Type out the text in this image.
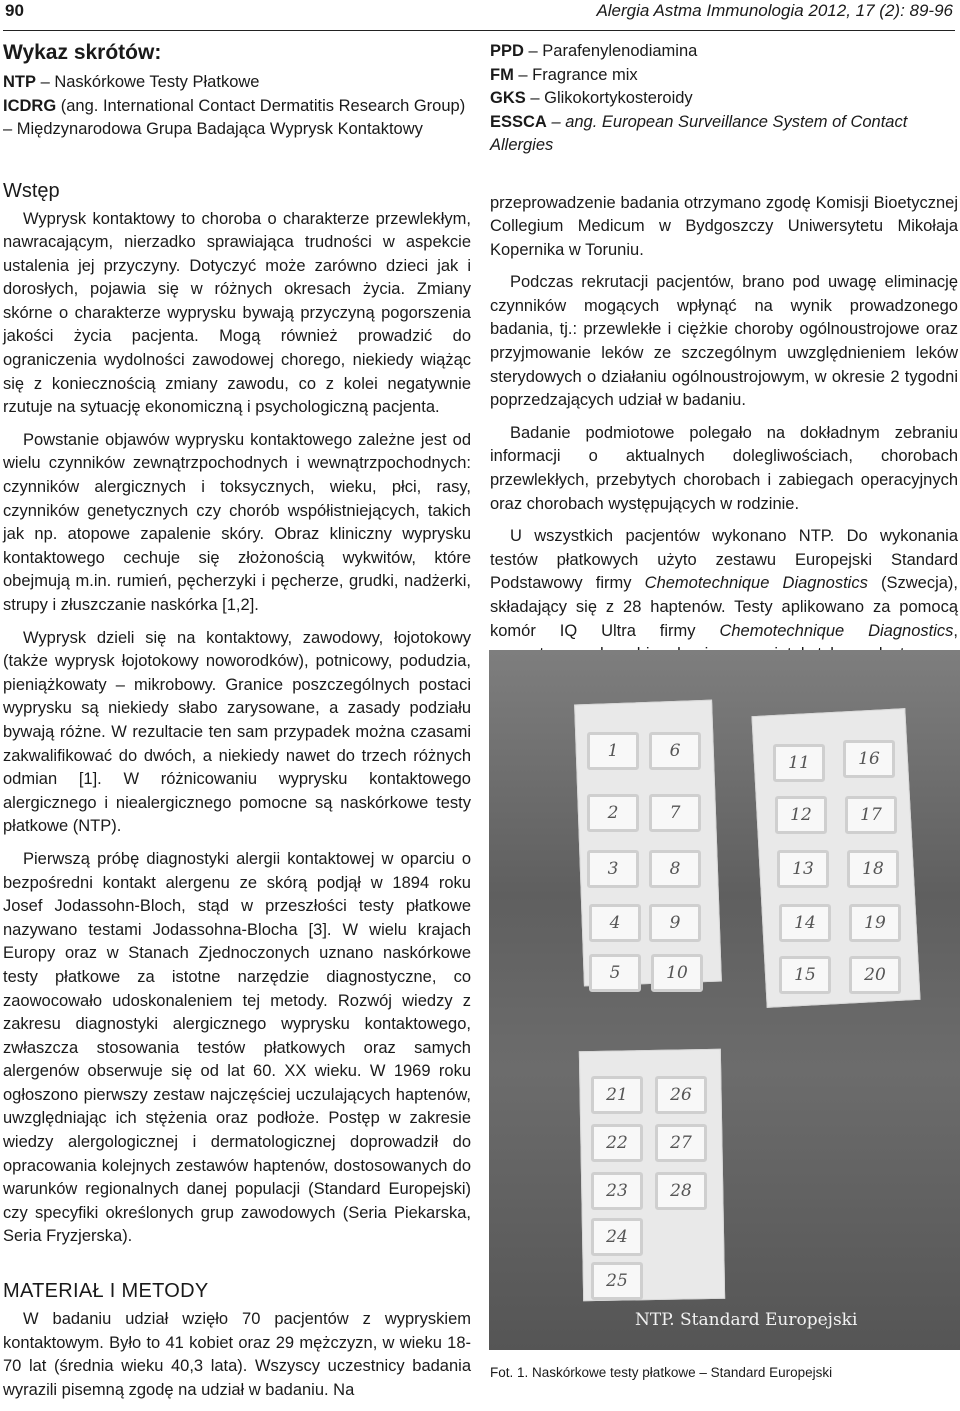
90	Alergia Astma Immunologia 2012, 17 (2): 89-96
Wykaz skrótów:
NTP – Naskórkowe Testy Płatkowe
ICDRG (ang. International Contact Dermatitis Research Group) – Międzynarodowa Grupa Badająca Wyprysk Kontaktowy
Wstęp

Wyprysk kontaktowy to choroba o charakterze przewlekłym, nawracającym, nierzadko sprawiająca trudności w aspekcie ustalenia jej przyczyny. Dotyczyć może zarówno dzieci jak i dorosłych, pojawia się w różnych okresach życia. Zmiany skórne o charakterze wyprysku bywają przyczyną pogorszenia jakości życia pacjenta. Mogą również prowadzić do ograniczenia wydolności zawodowej chorego, niekiedy wiążąc się z koniecznością zmiany zawodu, co z kolei negatywnie rzutuje na sytuację ekonomiczną i psychologiczną pacjenta.

Powstanie objawów wyprysku kontaktowego zależne jest od wielu czynników zewnątrzpochodnych i wewnątrzpochodnych: czynników alergicznych i toksycznych, wieku, płci, rasy, czynników genetycznych czy chorób współistniejących, takich jak np. atopowe zapalenie skóry. Obraz kliniczny wyprysku kontaktowego cechuje się złożonością wykwitów, które obejmują m.in. rumień, pęcherzyki i pęcherze, grudki, nadżerki, strupy i złuszczanie naskórka [1,2].

Wyprysk dzieli się na kontaktowy, zawodowy, łojotokowy (także wyprysk łojotokowy noworodków), potnicowy, podudzia, pieniążkowaty – mikrobowy. Granice poszczególnych postaci wyprysku są niekiedy słabo zarysowane, a zasady podziału bywają różne. W rezultacie ten sam przypadek można czasami zakwalifikować do dwóch, a niekiedy nawet do trzech różnych odmian [1]. W różnicowaniu wyprysku kontaktowego alergicznego i niealergicznego pomocne są naskórkowe testy płatkowe (NTP).

Pierwszą próbę diagnostyki alergii kontaktowej w oparciu o bezpośredni kontakt alergenu ze skórą podjął w 1894 roku Josef Jodassohn-Bloch, stąd w przeszłości testy płatkowe nazywano testami Jodassohna-Blocha [3]. W wielu krajach Europy oraz w Stanach Zjednoczonych uznano naskórkowe testy płatkowe za istotne narzędzie diagnostyczne, co zaowocowało udoskonaleniem tej metody. Rozwój wiedzy z zakresu diagnostyki alergicznego wyprysku kontaktowego, zwłaszcza stosowania testów płatkowych oraz samych alergenów obserwuje się od lat 60. XX wieku. W 1969 roku ogłoszono pierwszy zestaw najczęściej uczulających haptenów, uwzględniając ich stężenia oraz podłoże. Postęp w zakresie wiedzy alergologicznej i dermatologicznej doprowadził do opracowania kolejnych zestawów haptenów, dostosowanych do warunków regionalnych danej populacji (Standard Europejski) czy specyfiki określonych grup zawodowych (Seria Piekarska, Seria Fryzjerska).

MATERIAŁ I METODY

W badaniu udział wzięło 70 pacjentów z wypryskiem kontaktowym. Było to 41 kobiet oraz 29 mężczyzn, w wieku 18-70 lat (średnia wieku 40,3 lata). Wszyscy uczestnicy badania wyrazili pisemną zgodę na udział w badaniu. Na

PPD – Parafenylenodiamina
FM – Fragrance mix
GKS – Glikokortykosteroidy
ESSCA – ang. European Surveillance System of Contact Allergies

przeprowadzenie badania otrzymano zgodę Komisji Bioetycznej Collegium Medicum w Bydgoszczy Uniwersytetu Mikołaja Kopernika w Toruniu.

Podczas rekrutacji pacjentów, brano pod uwagę eliminację czynników mogących wpłynąć na wynik prowadzonego badania, tj.: przewlekłe i ciężkie choroby ogólnoustrojowe oraz przyjmowanie leków ze szczególnym uwzględnieniem leków sterydowych o działaniu ogólnoustrojowym, w okresie 2 tygodni poprzedzających udział w badaniu.

Badanie podmiotowe polegało na dokładnym zebraniu informacji o aktualnych dolegliwościach, chorobach przewlekłych, przebytych chorobach i zabiegach operacyjnych oraz chorobach występujących w rodzinie.

U wszystkich pacjentów wykonano NTP. Do wykonania testów płatkowych użyto zestawu Europejski Standard Podstawowy firmy Chemotechnique Diagnostics (Szwecja), składający się z 28 haptenów. Testy aplikowano za pomocą komór IQ Ultra firmy Chemotechnique Diagnostics,

1	6
11	16
2	7	12	17
3	8	13	18
4	9	14	19
5	10	15	20
21	26
22	27
23	28
24
25
NTP. Standard Europejski
Fot. 1. Naskórkowe testy płatkowe – Standard Europejski
